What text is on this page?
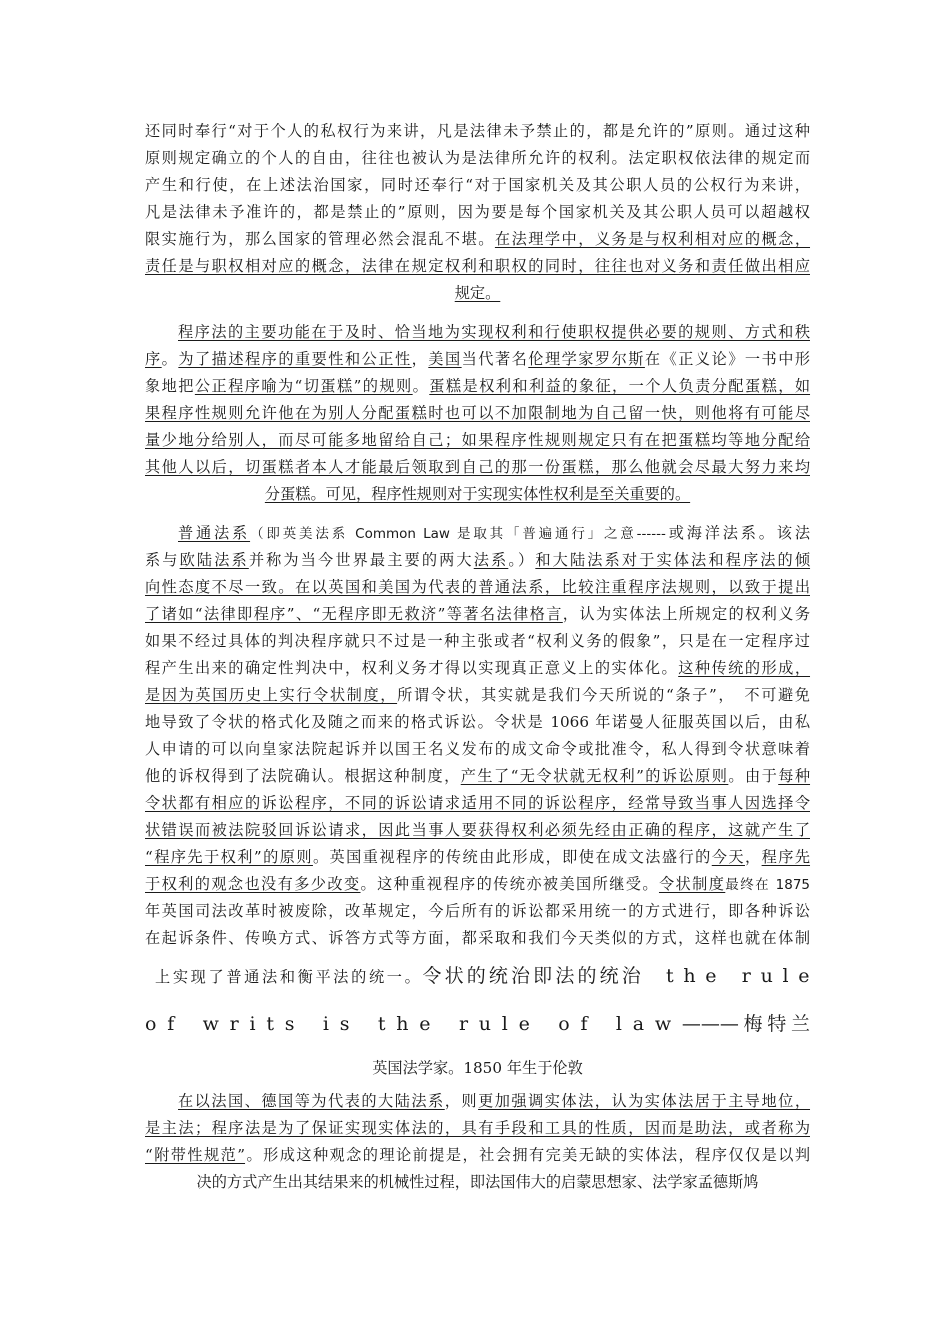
还同时奉行“对于个人的私权行为来讲，凡是法律未予禁止的，都是允许的”原则。通过这种
原则规定确立的个人的自由，往往也被认为是法律所允许的权利。法定职权依法律的规定而
产生和行使，在上述法治国家，同时还奉行“对于国家机关及其公职人员的公权行为来讲，
凡是法律未予准许的，都是禁止的”原则，因为要是每个国家机关及其公职人员可以超越权
限实施行为，那么国家的管理必然会混乱不堪。在法理学中，义务是与权利相对应的概念，
责任是与职权相对应的概念，法律在规定权利和职权的同时，往往也对义务和责任做出相应
规定。
程序法的主要功能在于及时、恰当地为实现权利和行使职权提供必要的规则、方式和秩
序。为了描述程序的重要性和公正性，美国当代著名伦理学家罗尔斯在《正义论》一书中形
象地把公正程序喻为“切蛋糕”的规则。蛋糕是权利和利益的象征，一个人负责分配蛋糕，如
果程序性规则允许他在为别人分配蛋糕时也可以不加限制地为自己留一快，则他将有可能尽
量少地分给别人，而尽可能多地留给自己；如果程序性规则规定只有在把蛋糕均等地分配给
其他人以后，切蛋糕者本人才能最后领取到自己的那一份蛋糕，那么他就会尽最大努力来均
分蛋糕。可见，程序性规则对于实现实体性权利是至关重要的。
普通法系（即英美法系 Common Law 是取其「普遍通行」之意------或海洋法系。该法
系与欧陆法系并称为当今世界最主要的两大法系。）和大陆法系对于实体法和程序法的倾
向性态度不尽一致。在以英国和美国为代表的普通法系，比较注重程序法规则，以致于提出
了诸如“法律即程序”、“无程序即无救济”等著名法律格言，认为实体法上所规定的权利义务
如果不经过具体的判决程序就只不过是一种主张或者“权利义务的假象”，只是在一定程序过
程产生出来的确定性判决中，权利义务才得以实现真正意义上的实体化。这种传统的形成，
是因为英国历史上实行令状制度，所谓令状，其实就是我们今天所说的“条子”，　不可避免
地导致了令状的格式化及随之而来的格式诉讼。令状是 1066 年诺曼人征服英国以后，由私
人申请的可以向皇家法院起诉并以国王名义发布的成文命令或批准令，私人得到令状意味着
他的诉权得到了法院确认。根据这种制度，产生了“无令状就无权利”的诉讼原则。由于每种
令状都有相应的诉讼程序，不同的诉讼请求适用不同的诉讼程序，经常导致当事人因选择令
状错误而被法院驳回诉讼请求，因此当事人要获得权利必须先经由正确的程序，这就产生了
“程序先于权利”的原则。英国重视程序的传统由此形成，即使在成文法盛行的今天，程序先
于权利的观念也没有多少改变。这种重视程序的传统亦被美国所继受。令状制度最终在 1875
年英国司法改革时被废除，改革规定，今后所有的诉讼都采用统一的方式进行，即各种诉讼
在起诉条件、传唤方式、诉答方式等方面，都采取和我们今天类似的方式，这样也就在体制
上实现了普通法和衡平法的统一。令状的统治即法的统治　t h e　r u l e
o f　w r i t s　i s　t h e　r u l e　o f　l a w ———梅特兰
英国法学家。1850 年生于伦敦
在以法国、德国等为代表的大陆法系，则更加强调实体法，认为实体法居于主导地位，
是主法；程序法是为了保证实现实体法的，具有手段和工具的性质，因而是助法，或者称为
“附带性规范”。形成这种观念的理论前提是，社会拥有完美无缺的实体法，程序仅仅是以判
决的方式产生出其结果来的机械性过程，即法国伟大的启蒙思想家、法学家孟德斯鸠
